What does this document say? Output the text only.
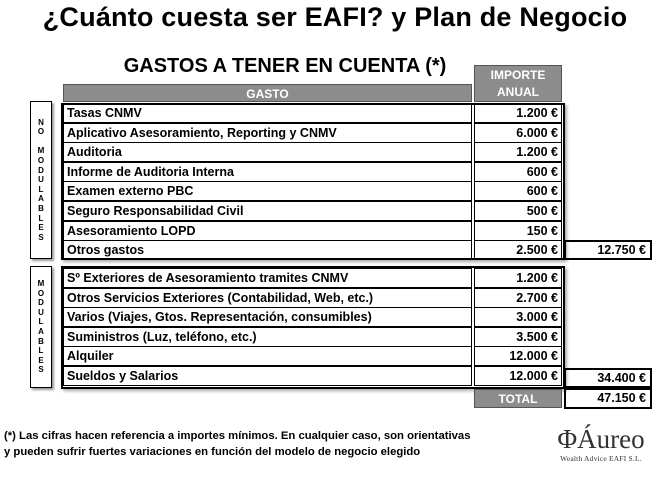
¿Cuánto cuesta ser EAFI? y Plan de Negocio
GASTOS A TENER EN CUENTA (*)	IMPORTE
ANUAL
GASTO
N
O
M
O
D
U
L
A
B
L
E
S
Tasas CNMV	1.200 €
Aplicativo Asesoramiento, Reporting y CNMV	6.000 €
Auditoria	1.200 €
Informe de Auditoria Interna	600 €
Examen externo PBC	600 €
Seguro Responsabilidad Civil	500 €
Asesoramiento LOPD	150 €
Otros gastos	2.500 €	12.750 €
M
O
D
U
L
A
B
L
E
S
Sº Exteriores de Asesoramiento tramites CNMV	1.200 €
Otros Servicios Exteriores (Contabilidad, Web, etc.)	2.700 €
Varios (Viajes, Gtos. Representación, consumibles)	3.000 €
Suministros (Luz, teléfono, etc.)	3.500 €
Alquiler	12.000 €
Sueldos y Salarios	12.000 €	34.400 €
TOTAL	47.150 €
(*) Las cifras hacen referencia a importes mínimos. En cualquier caso, son orientativas
y pueden sufrir fuertes variaciones en función del modelo de negocio elegido	ΦÁureo
Wealth Advice EAFI S.L.
